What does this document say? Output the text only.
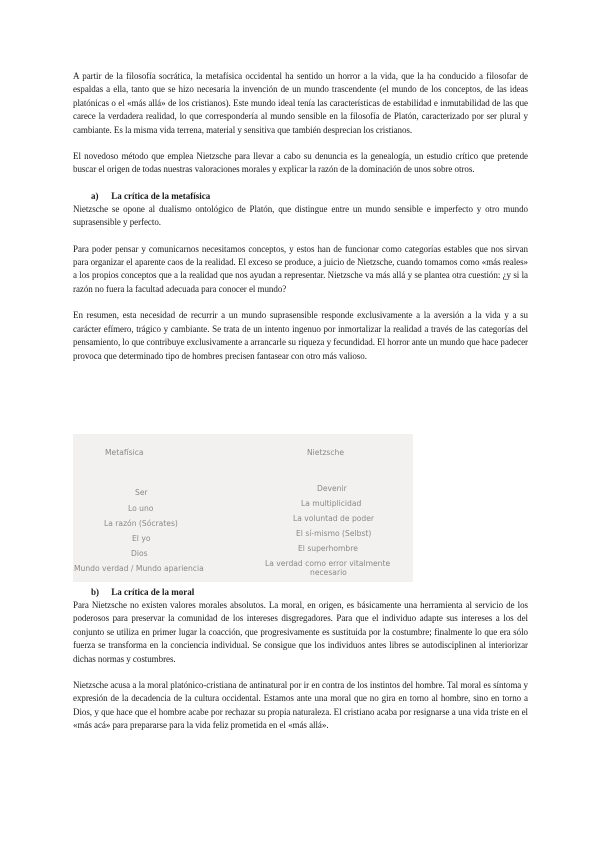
A partir de la filosofía socrática, la metafísica occidental ha sentido un horror a la vida, que la ha conducido a filosofar de espaldas a ella, tanto que se hizo necesaria la invención de un mundo trascendente (el mundo de los conceptos, de las ideas platónicas o el «más allá» de los cristianos). Este mundo ideal tenía las características de estabilidad e inmutabilidad de las que carece la verdadera realidad, lo que correspondería al mundo sensible en la filosofía de Platón, caracterizado por ser plural y cambiante. Es la misma vida terrena, material y sensitiva que también desprecian los cristianos.

El novedoso método que emplea Nietzsche para llevar a cabo su denuncia es la genealogía, un estudio crítico que pretende buscar el origen de todas nuestras valoraciones morales y explicar la razón de la dominación de unos sobre otros.

a) La crítica de la metafísica

Nietzsche se opone al dualismo ontológico de Platón, que distingue entre un mundo sensible e imperfecto y otro mundo suprasensible y perfecto.

Para poder pensar y comunicarnos necesitamos conceptos, y estos han de funcionar como categorías estables que nos sirvan para organizar el aparente caos de la realidad. El exceso se produce, a juicio de Nietzsche, cuando tomamos como «más reales» a los propios conceptos que a la realidad que nos ayudan a representar. Nietzsche va más allá y se plantea otra cuestión: ¿y si la razón no fuera la facultad adecuada para conocer el mundo?

En resumen, esta necesidad de recurrir a un mundo suprasensible responde exclusivamente a la aversión a la vida y a su carácter efímero, trágico y cambiante. Se trata de un intento ingenuo por inmortalizar la realidad a través de las categorías del pensamiento, lo que contribuye exclusivamente a arrancarle su riqueza y fecundidad. El horror ante un mundo que hace padecer provoca que determinado tipo de hombres precisen fantasear con otro más valioso.

Metafísica
Ser
Lo uno
La razón (Sócrates)
El yo
Dios
Mundo verdad / Mundo apariencia
Nietzsche
Devenir
La multiplicidad
La voluntad de poder
El sí-mismo (Selbst)
El superhombre
La verdad como error vitalmente
necesario
b) La crítica de la moral

Para Nietzsche no existen valores morales absolutos. La moral, en origen, es básicamente una herramienta al servicio de los poderosos para preservar la comunidad de los intereses disgregadores. Para que el individuo adapte sus intereses a los del conjunto se utiliza en primer lugar la coacción, que progresivamente es sustituida por la costumbre; finalmente lo que era sólo fuerza se transforma en la conciencia individual. Se consigue que los individuos antes libres se autodisciplinen al interiorizar dichas normas y costumbres.

Nietzsche acusa a la moral platónico-cristiana de antinatural por ir en contra de los instintos del hombre. Tal moral es síntoma y expresión de la decadencia de la cultura occidental. Estamos ante una moral que no gira en torno al hombre, sino en torno a Dios, y que hace que el hombre acabe por rechazar su propia naturaleza. El cristiano acaba por resignarse a una vida triste en el «más acá» para prepararse para la vida feliz prometida en el «más allá».
